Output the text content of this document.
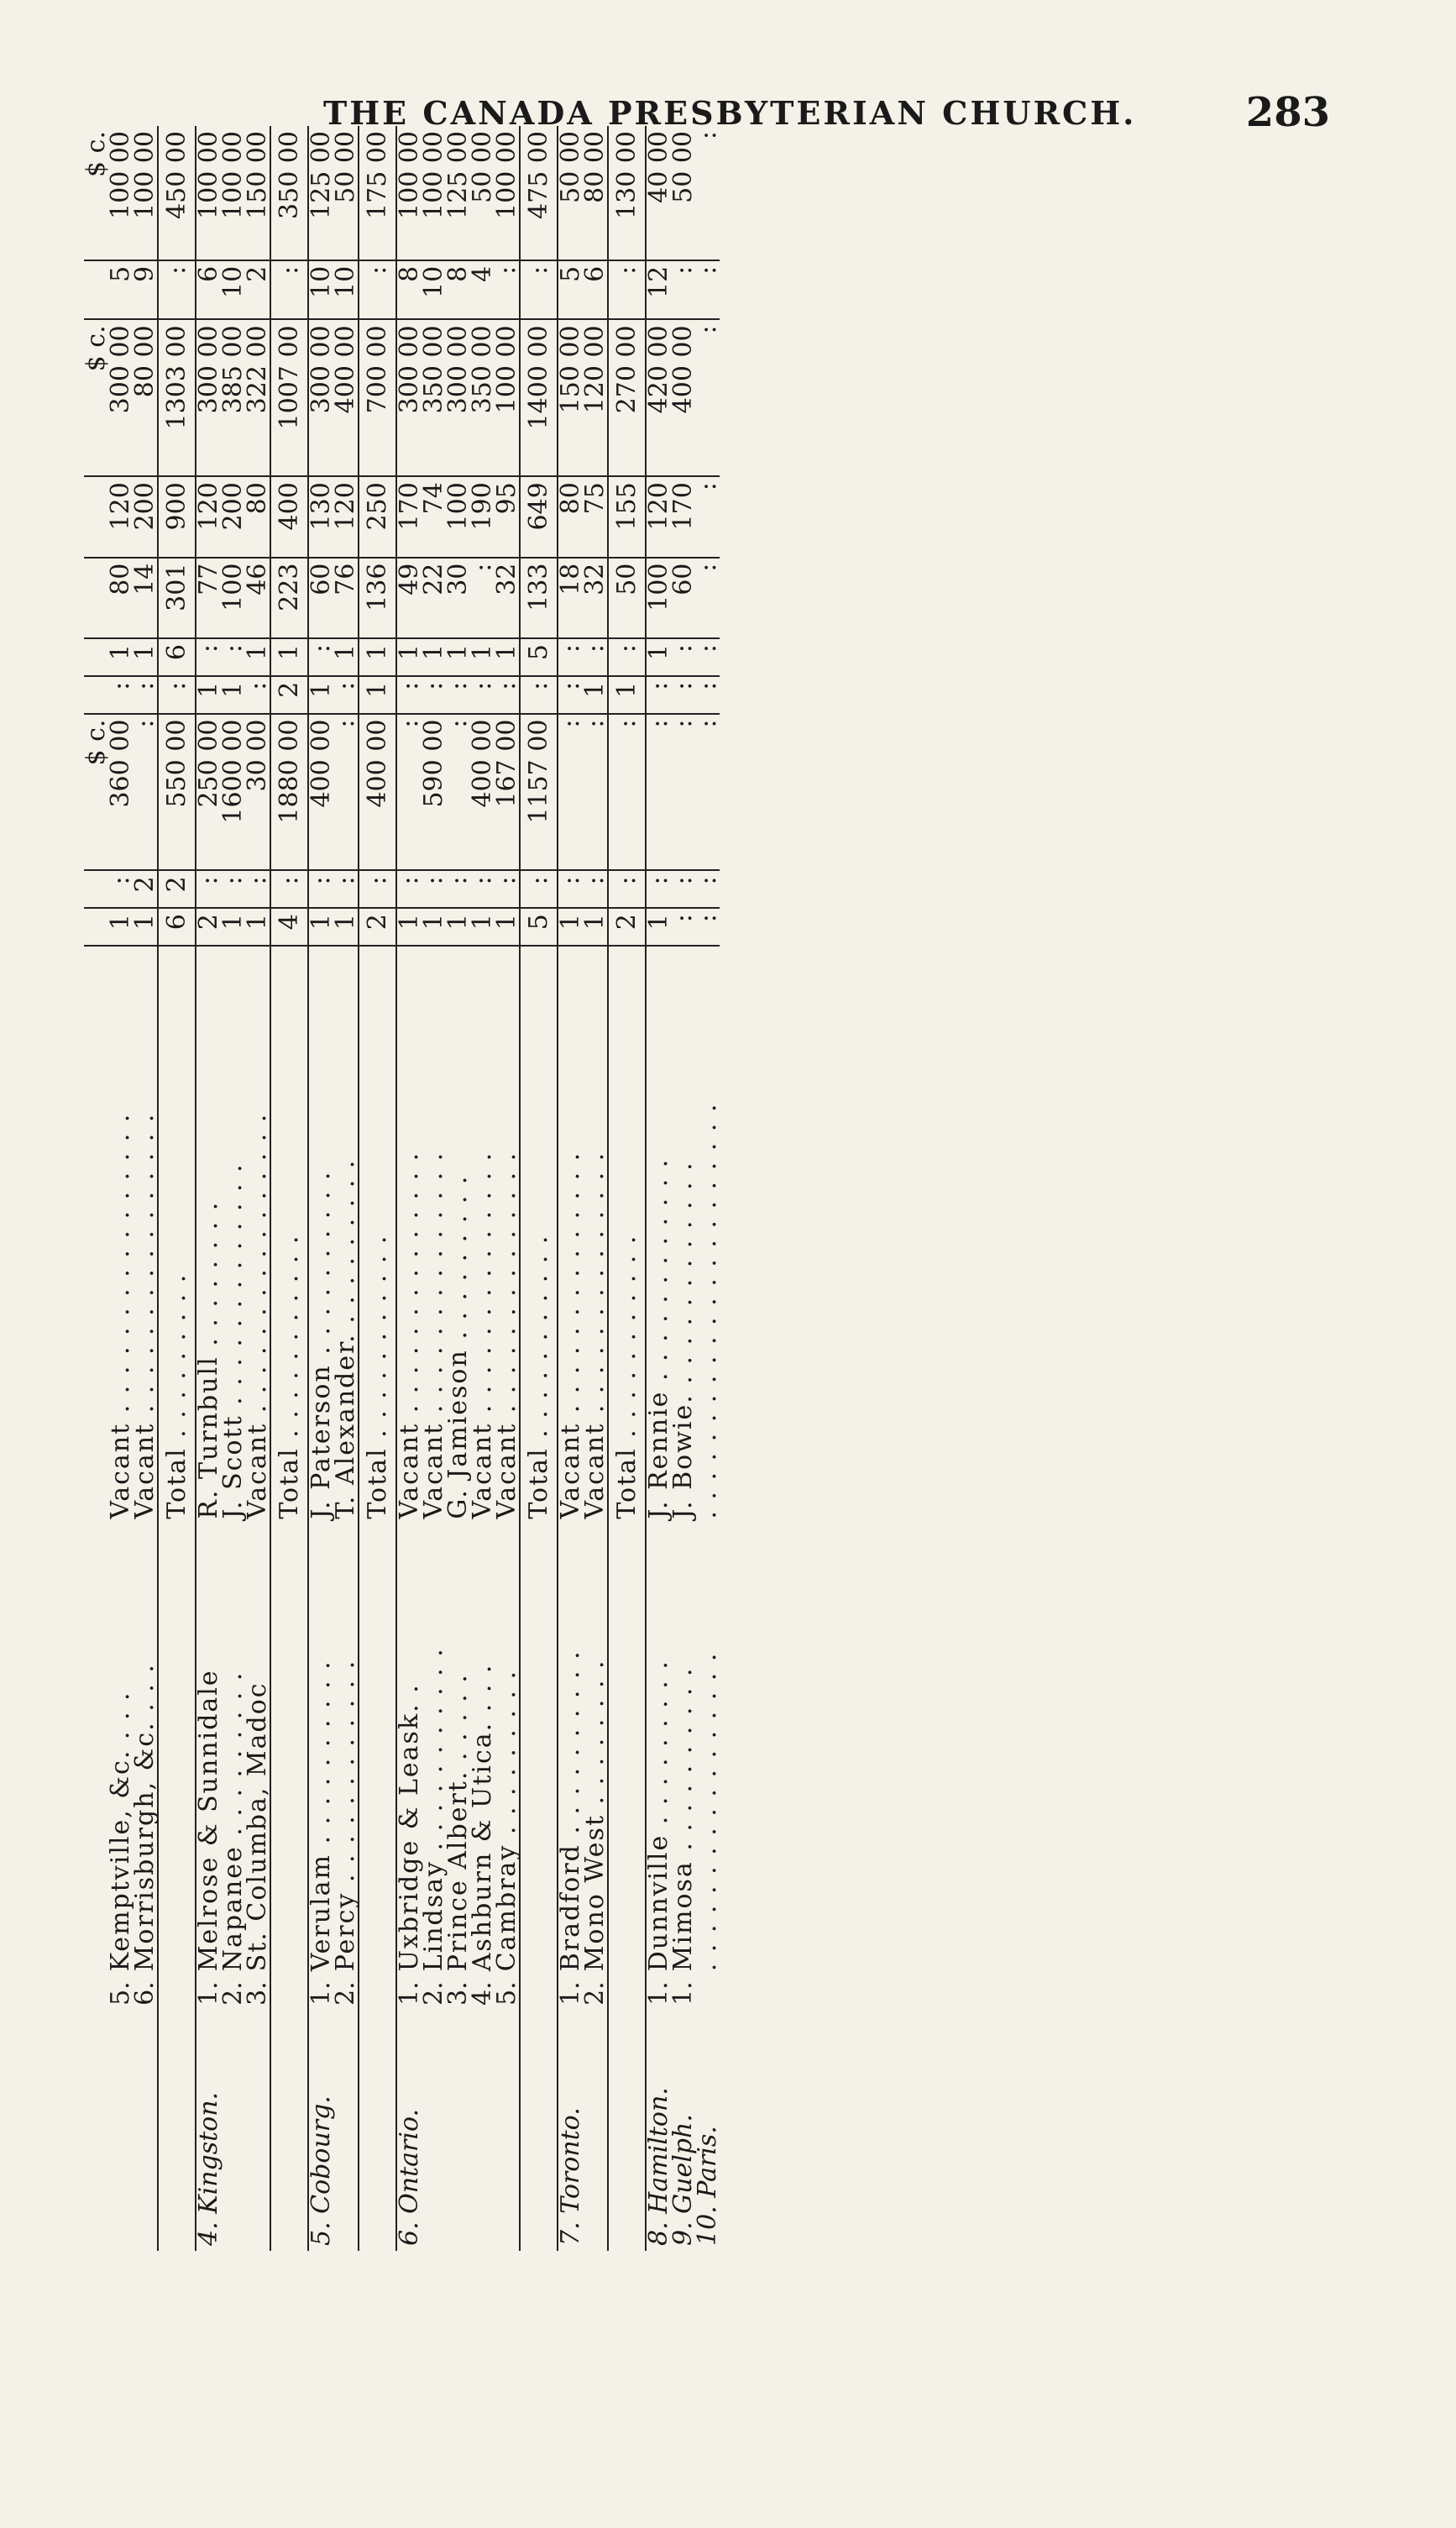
THE CANADA PRESBYTERIAN CHURCH.	283
						$ c.					$ c.		$ c.
	5.	Kemptville, &c. . . .	Vacant . . . . . . . . . . . . . . . .	1	:	360 00	:	1	80	120	300 00	5	100 00
	6.	Morrisburgh, &c. . . .	Vacant . . . . . . . . . . . . . . . .	1	2	:	:	1	14	200	80 00	9	100 00
			Total . . . . . . . . .	6	2	550 00	:	6	301	900	1303 00	:	450 00
4. Kingston.	1.	Melrose & Sunnidale	R. Turnbull . . . . . . . .	2	:	250 00	1	:	77	120	300 00	6	100 00
	2.	Napanee . . . . . . . . .	J. Scott . . . . . . . . . . . . .	1	:	1600 00	1	:	100	200	385 00	10	100 00
	3.	St. Columba, Madoc	Vacant . . . . . . . . . . . . . . . .	1	:	30 00	:	1	46	80	322 00	2	150 00
			Total . . . . . . . . . . .	4	:	1880 00	2	1	223	400	1007 00	:	350 00
5. Cobourg.	1.	Verulam . . . . . . . . . .	J. Paterson . . . . . . . . . .	1	:	400 00	1	:	60	130	300 00	10	125 00
	2.	Percy . . . . . . . . . . . .	T. Alexander. . . . . . . . . .	1	:	:	:	1	76	120	400 00	10	50 00
			Total . . . . . . . . . . .	2	:	400 00	1	1	136	250	700 00	:	175 00
6. Ontario.	1.	Uxbridge & Leask. .	Vacant . . . . . . . . . . . . . .	1	:	:	:	1	49	170	300 00	8	100 00
	2.	Lindsay . . . . . . . . . . .	Vacant . . . . . . . . . . . . . .	1	:	590 00	:	1	22	74	350 00	10	100 00
	3.	Prince Albert. . . . . .	G. Jamieson . . . . . . . . .	1	:	:	:	1	30	100	300 00	8	125 00
	4.	Ashburn & Utica. . . .	Vacant . . . . . . . . . . . . . .	1	:	400 00	:	1	:	190	350 00	4	50 00
	5.	Cambray . . . . . . . . .	Vacant . . . . . . . . . . . . . .	1	:	167 00	:	1	32	95	100 00	:	100 00
			Total . . . . . . . . . . .	5	:	1157 00	:	5	133	649	1400 00	:	475 00
7. Toronto.	1.	Bradford . . . . . . . . . .	Vacant . . . . . . . . . . . . . .	1	:	:	:	:	18	80	150 00	5	50 00
	2.	Mono West . . . . . . . .	Vacant . . . . . . . . . . . . . .	1	:	:	1	:	32	75	120 00	6	80 00
			Total . . . . . . . . . . .	2	:	:	1	:	50	155	270 00	:	130 00
8. Hamilton.	1.	Dunnville . . . . . . . . .	J. Rennie . . . . . . . . . . . .	1	:	:	:	1	100	120	420 00	12	40 00
9. Guelph.	1.	Mimosa . . . . . . . . . .	J. Bowie. . . . . . . . . . . . .	:	:	:	:	:	60	170	400 00	:	50 00
10. Paris.		. . . . . . . . . . . . . . . . .	. . . . . . . . . . . . . . . . . . . . . .	:	:	:	:	:	:	:	:	:	:
